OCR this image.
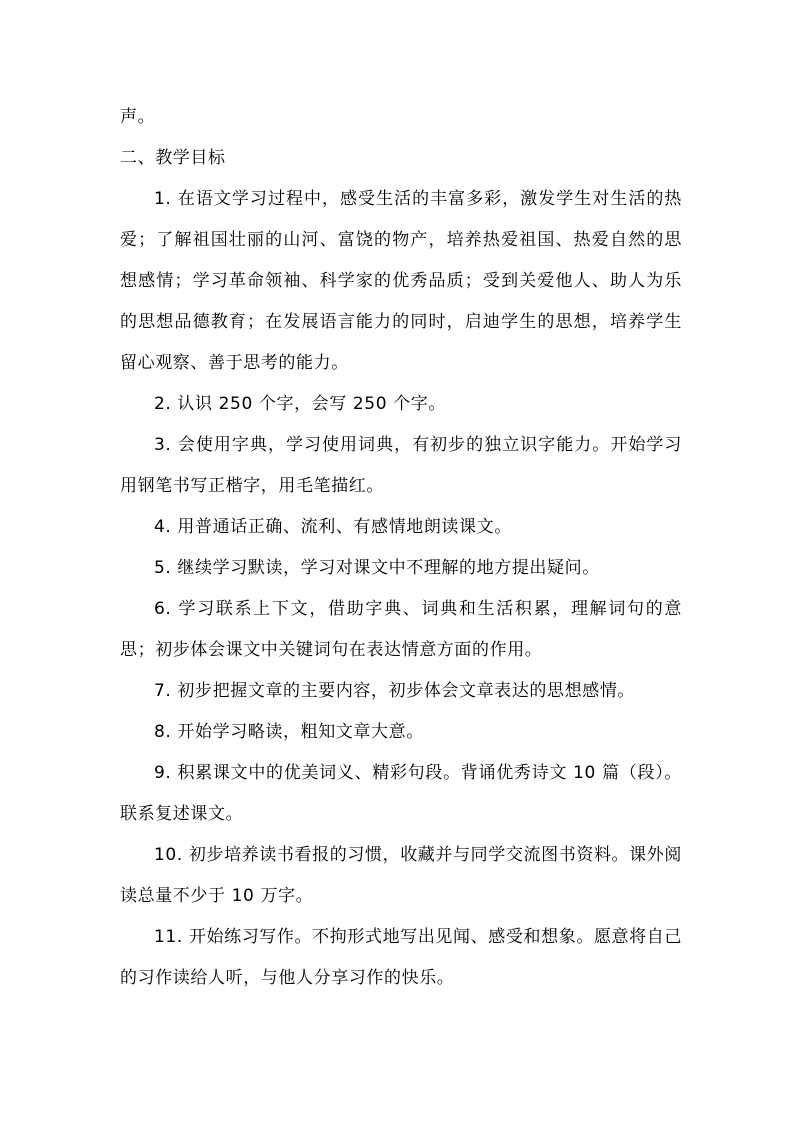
声。

二、教学目标

1. 在语文学习过程中，感受生活的丰富多彩，激发学生对生活的热爱；了解祖国壮丽的山河、富饶的物产，培养热爱祖国、热爱自然的思想感情；学习革命领袖、科学家的优秀品质；受到关爱他人、助人为乐的思想品德教育；在发展语言能力的同时，启迪学生的思想，培养学生留心观察、善于思考的能力。

2. 认识 250 个字，会写 250 个字。

3. 会使用字典，学习使用词典，有初步的独立识字能力。开始学习用钢笔书写正楷字，用毛笔描红。

4. 用普通话正确、流利、有感情地朗读课文。

5. 继续学习默读，学习对课文中不理解的地方提出疑问。

6. 学习联系上下文，借助字典、词典和生活积累，理解词句的意思；初步体会课文中关键词句在表达情意方面的作用。

7. 初步把握文章的主要内容，初步体会文章表达的思想感情。

8. 开始学习略读，粗知文章大意。

9. 积累课文中的优美词义、精彩句段。背诵优秀诗文 10 篇（段）。联系复述课文。

10. 初步培养读书看报的习惯，收藏并与同学交流图书资料。课外阅读总量不少于 10 万字。

11. 开始练习写作。不拘形式地写出见闻、感受和想象。愿意将自己的习作读给人听，与他人分享习作的快乐。
